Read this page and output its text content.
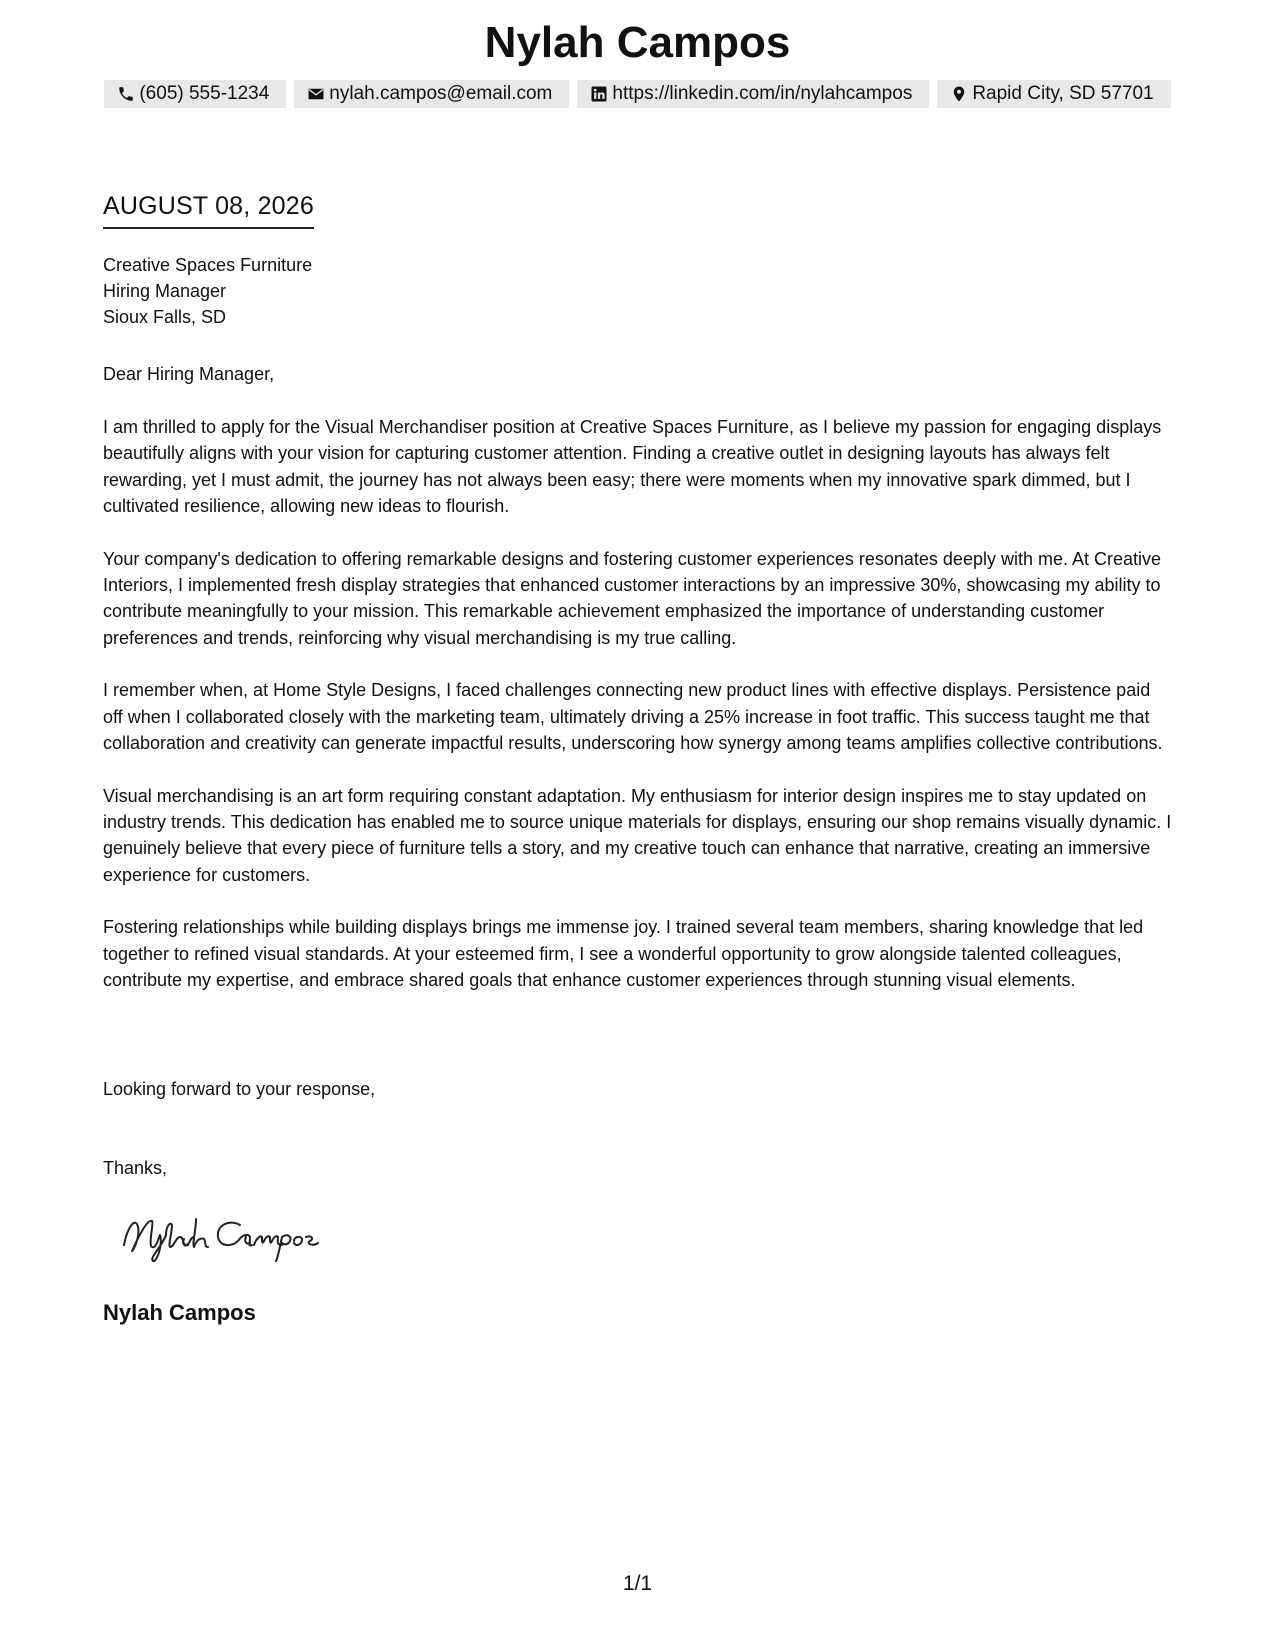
Nylah Campos
(605) 555-1234	nylah.campos@email.com	https://linkedin.com/in/nylahcampos	Rapid City, SD 57701
AUGUST 08, 2026
Creative Spaces Furniture
Hiring Manager
Sioux Falls, SD
Dear Hiring Manager,

I am thrilled to apply for the Visual Merchandiser position at Creative Spaces Furniture, as I believe my passion for engaging displays beautifully aligns with your vision for capturing customer attention. Finding a creative outlet in designing layouts has always felt rewarding, yet I must admit, the journey has not always been easy; there were moments when my innovative spark dimmed, but I cultivated resilience, allowing new ideas to flourish.

Your company's dedication to offering remarkable designs and fostering customer experiences resonates deeply with me. At Creative Interiors, I implemented fresh display strategies that enhanced customer interactions by an impressive 30%, showcasing my ability to contribute meaningfully to your mission. This remarkable achievement emphasized the importance of understanding customer preferences and trends, reinforcing why visual merchandising is my true calling.

I remember when, at Home Style Designs, I faced challenges connecting new product lines with effective displays. Persistence paid off when I collaborated closely with the marketing team, ultimately driving a 25% increase in foot traffic. This success taught me that collaboration and creativity can generate impactful results, underscoring how synergy among teams amplifies collective contributions.

Visual merchandising is an art form requiring constant adaptation. My enthusiasm for interior design inspires me to stay updated on industry trends. This dedication has enabled me to source unique materials for displays, ensuring our shop remains visually dynamic. I genuinely believe that every piece of furniture tells a story, and my creative touch can enhance that narrative, creating an immersive experience for customers.

Fostering relationships while building displays brings me immense joy. I trained several team members, sharing knowledge that led together to refined visual standards. At your esteemed firm, I see a wonderful opportunity to grow alongside talented colleagues, contribute my expertise, and embrace shared goals that enhance customer experiences through stunning visual elements.

Looking forward to your response,
Thanks,
Nylah Campos
1/1
